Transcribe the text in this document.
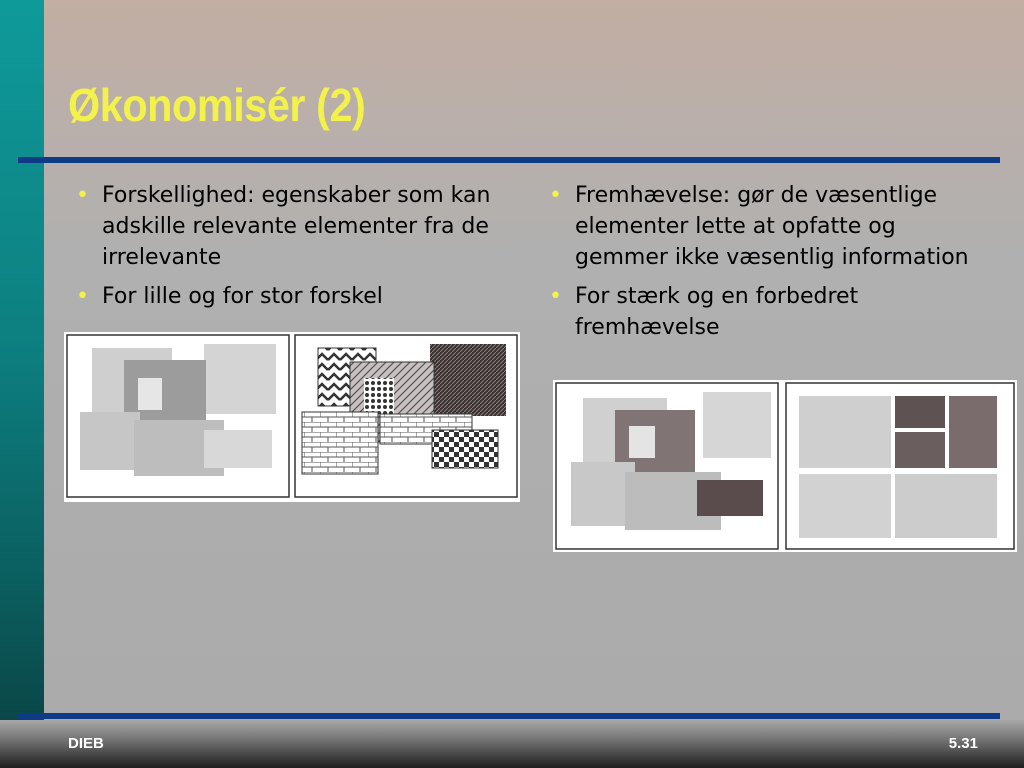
Økonomisér (2)
• Forskellighed: egenskaber som kan adskille relevante elementer fra de irrelevante
• For lille og for stor forskel
• Fremhævelse: gør de væsentlige elementer lette at opfatte og gemmer ikke væsentlig information
• For stærk og en forbedret fremhævelse
DIEB	5.31
